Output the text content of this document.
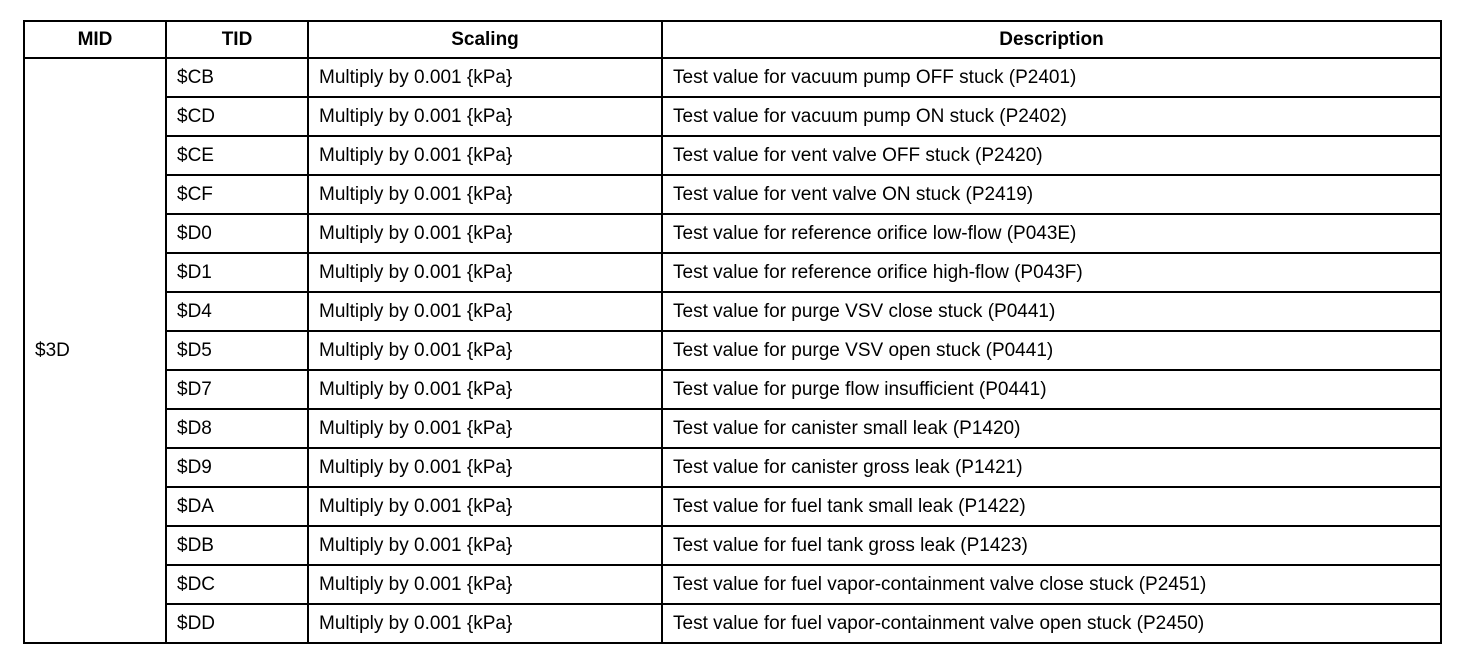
MID	TID	Scaling	Description
$3D	$CB	Multiply by 0.001 {kPa}	Test value for vacuum pump OFF stuck (P2401)
	$CD	Multiply by 0.001 {kPa}	Test value for vacuum pump ON stuck (P2402)
	$CE	Multiply by 0.001 {kPa}	Test value for vent valve OFF stuck (P2420)
	$CF	Multiply by 0.001 {kPa}	Test value for vent valve ON stuck (P2419)
	$D0	Multiply by 0.001 {kPa}	Test value for reference orifice low-flow (P043E)
	$D1	Multiply by 0.001 {kPa}	Test value for reference orifice high-flow (P043F)
	$D4	Multiply by 0.001 {kPa}	Test value for purge VSV close stuck (P0441)
	$D5	Multiply by 0.001 {kPa}	Test value for purge VSV open stuck (P0441)
	$D7	Multiply by 0.001 {kPa}	Test value for purge flow insufficient (P0441)
	$D8	Multiply by 0.001 {kPa}	Test value for canister small leak (P1420)
	$D9	Multiply by 0.001 {kPa}	Test value for canister gross leak (P1421)
	$DA	Multiply by 0.001 {kPa}	Test value for fuel tank small leak (P1422)
	$DB	Multiply by 0.001 {kPa}	Test value for fuel tank gross leak (P1423)
	$DC	Multiply by 0.001 {kPa}	Test value for fuel vapor-containment valve close stuck (P2451)
	$DD	Multiply by 0.001 {kPa}	Test value for fuel vapor-containment valve open stuck (P2450)
